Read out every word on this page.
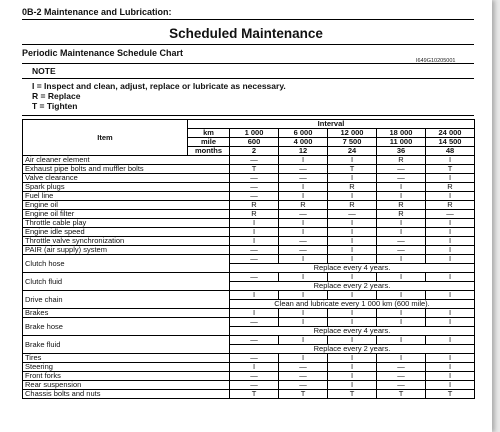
0B-2 Maintenance and Lubrication:
Scheduled Maintenance
Periodic Maintenance Schedule Chart
I649G10205001
NOTE
I = Inspect and clean, adjust, replace or lubricate as necessary.
R = Replace
T = Tighten
Item	Interval					
	km	1 000	6 000	12 000	18 000	24 000
	mile	600	4 000	7 500	11 000	14 500
	months	2	12	24	36	48
Air cleaner element		—	I	I	R	I
Exhaust pipe bolts and muffler bolts		T	—	T	—	T
Valve clearance		—	—	I	—	I
Spark plugs		—	I	R	I	R
Fuel line		—	I	I	I	I
Engine oil		R	R	R	R	R
Engine oil filter		R	—	—	R	—
Throttle cable play		I	I	I	I	I
Engine idle speed		I	I	I	I	I
Throttle valve synchronization		I	—	I	—	I
PAIR (air supply) system		—	—	I	—	I
Clutch hose		—	I	I	I	I
		Replace every 4 years.				
Clutch fluid		—	I	I	I	I
		Replace every 2 years.				
Drive chain		I	I	I	I	I
		Clean and lubricate every 1 000 km (600 mile).				
Brakes		I	I	I	I	I
Brake hose		—	I	I	I	I
		Replace every 4 years.				
Brake fluid		—	I	I	I	I
		Replace every 2 years.				
Tires		—	I	I	I	I
Steering		I	—	I	—	I
Front forks		—	—	I	—	I
Rear suspension		—	—	I	—	I
Chassis bolts and nuts		T	T	T	T	T
